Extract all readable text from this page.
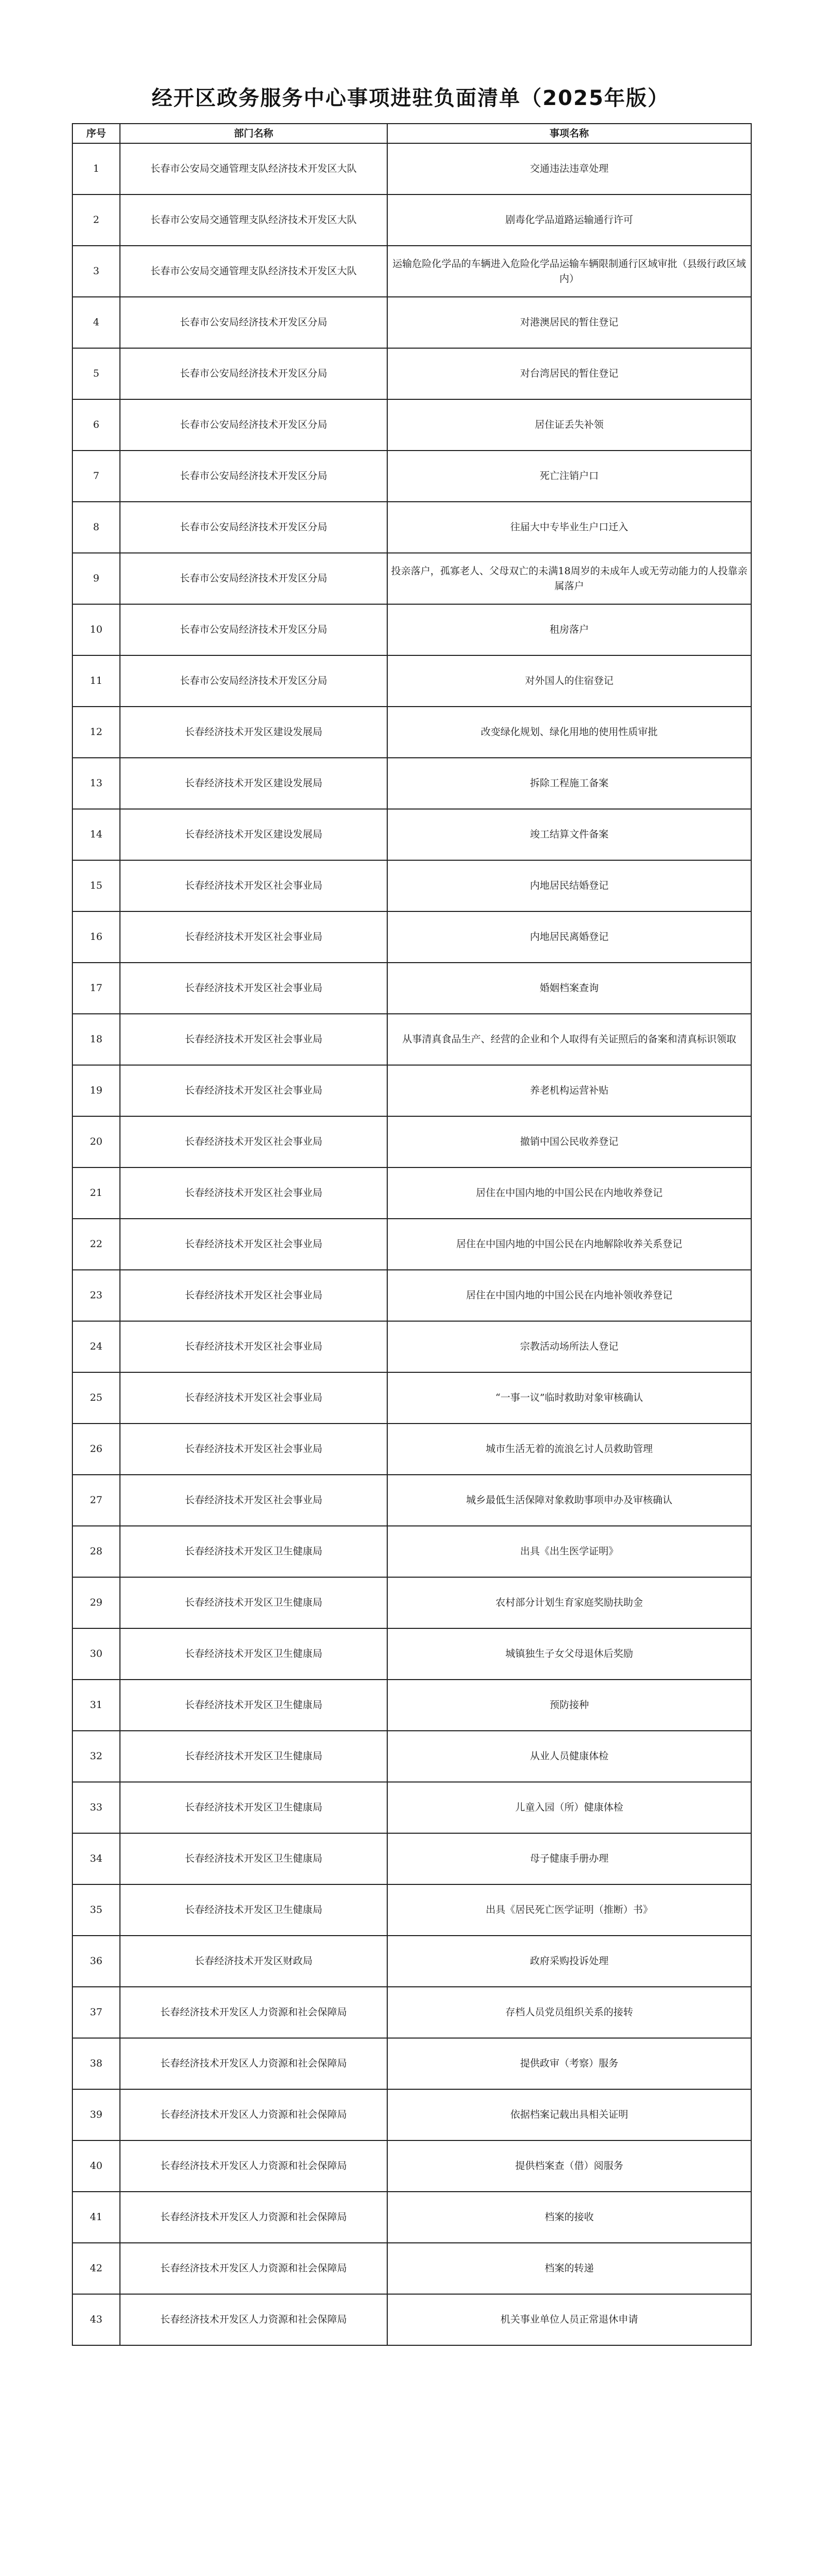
经开区政务服务中心事项进驻负面清单（2025年版）
序号	部门名称	事项名称
1	长春市公安局交通管理支队经济技术开发区大队	交通违法违章处理
2	长春市公安局交通管理支队经济技术开发区大队	剧毒化学品道路运输通行许可
3	长春市公安局交通管理支队经济技术开发区大队	运输危险化学品的车辆进入危险化学品运输车辆限制通行区域审批（县级行政区域内）
4	长春市公安局经济技术开发区分局	对港澳居民的暂住登记
5	长春市公安局经济技术开发区分局	对台湾居民的暂住登记
6	长春市公安局经济技术开发区分局	居住证丢失补领
7	长春市公安局经济技术开发区分局	死亡注销户口
8	长春市公安局经济技术开发区分局	往届大中专毕业生户口迁入
9	长春市公安局经济技术开发区分局	投亲落户，孤寡老人、父母双亡的未满18周岁的未成年人或无劳动能力的人投靠亲属落户
10	长春市公安局经济技术开发区分局	租房落户
11	长春市公安局经济技术开发区分局	对外国人的住宿登记
12	长春经济技术开发区建设发展局	改变绿化规划、绿化用地的使用性质审批
13	长春经济技术开发区建设发展局	拆除工程施工备案
14	长春经济技术开发区建设发展局	竣工结算文件备案
15	长春经济技术开发区社会事业局	内地居民结婚登记
16	长春经济技术开发区社会事业局	内地居民离婚登记
17	长春经济技术开发区社会事业局	婚姻档案查询
18	长春经济技术开发区社会事业局	从事清真食品生产、经营的企业和个人取得有关证照后的备案和清真标识领取
19	长春经济技术开发区社会事业局	养老机构运营补贴
20	长春经济技术开发区社会事业局	撤销中国公民收养登记
21	长春经济技术开发区社会事业局	居住在中国内地的中国公民在内地收养登记
22	长春经济技术开发区社会事业局	居住在中国内地的中国公民在内地解除收养关系登记
23	长春经济技术开发区社会事业局	居住在中国内地的中国公民在内地补领收养登记
24	长春经济技术开发区社会事业局	宗教活动场所法人登记
25	长春经济技术开发区社会事业局	“一事一议”临时救助对象审核确认
26	长春经济技术开发区社会事业局	城市生活无着的流浪乞讨人员救助管理
27	长春经济技术开发区社会事业局	城乡最低生活保障对象救助事项申办及审核确认
28	长春经济技术开发区卫生健康局	出具《出生医学证明》
29	长春经济技术开发区卫生健康局	农村部分计划生育家庭奖励扶助金
30	长春经济技术开发区卫生健康局	城镇独生子女父母退休后奖励
31	长春经济技术开发区卫生健康局	预防接种
32	长春经济技术开发区卫生健康局	从业人员健康体检
33	长春经济技术开发区卫生健康局	儿童入园（所）健康体检
34	长春经济技术开发区卫生健康局	母子健康手册办理
35	长春经济技术开发区卫生健康局	出具《居民死亡医学证明（推断）书》
36	长春经济技术开发区财政局	政府采购投诉处理
37	长春经济技术开发区人力资源和社会保障局	存档人员党员组织关系的接转
38	长春经济技术开发区人力资源和社会保障局	提供政审（考察）服务
39	长春经济技术开发区人力资源和社会保障局	依据档案记载出具相关证明
40	长春经济技术开发区人力资源和社会保障局	提供档案查（借）阅服务
41	长春经济技术开发区人力资源和社会保障局	档案的接收
42	长春经济技术开发区人力资源和社会保障局	档案的转递
43	长春经济技术开发区人力资源和社会保障局	机关事业单位人员正常退休申请
